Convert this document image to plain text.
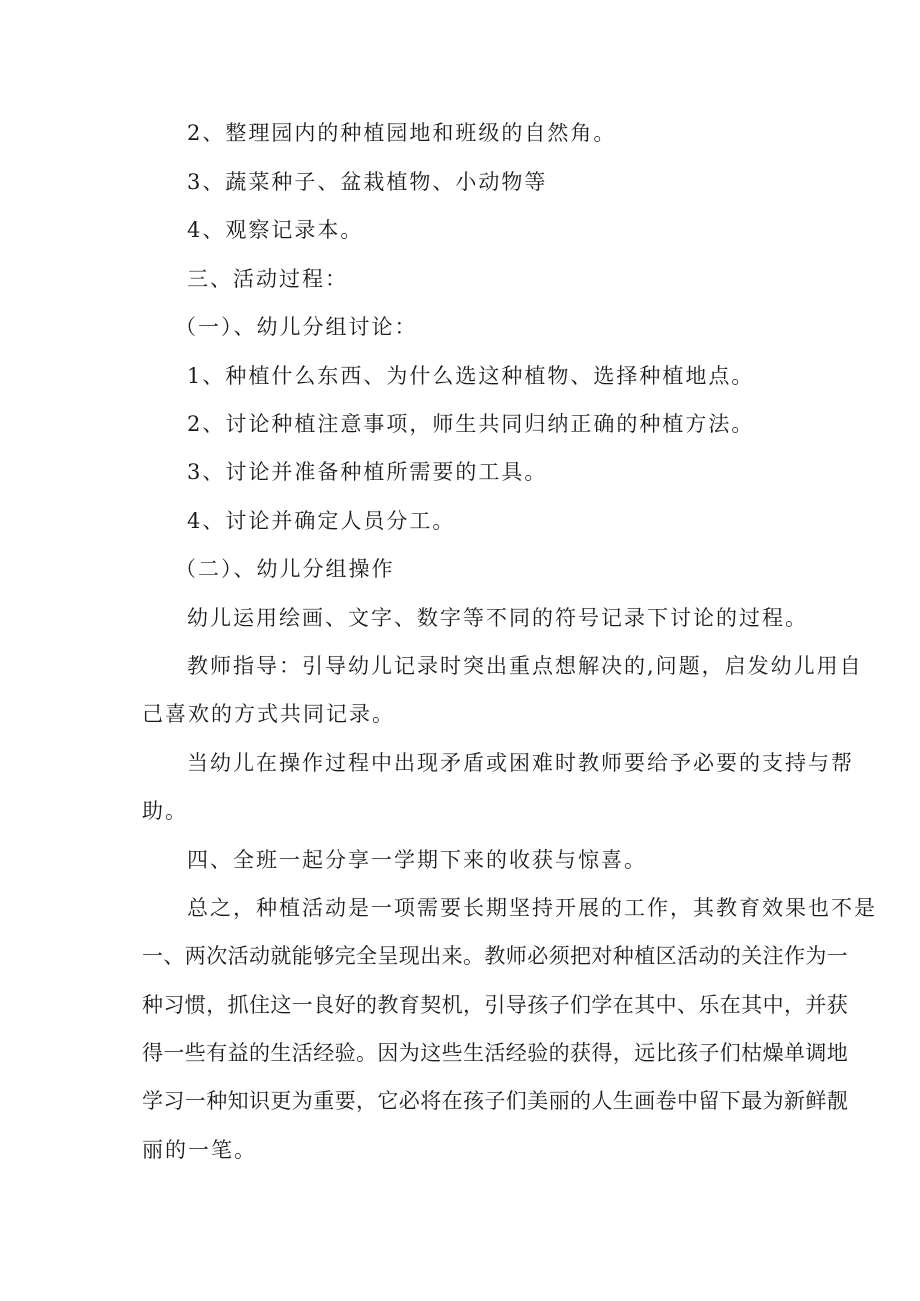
2、整理园内的种植园地和班级的自然角。
3、蔬菜种子、盆栽植物、小动物等
4、观察记录本。
三、活动过程：
（一）、幼儿分组讨论：
1、种植什么东西、为什么选这种植物、选择种植地点。
2、讨论种植注意事项，师生共同归纳正确的种植方法。
3、讨论并准备种植所需要的工具。
4、讨论并确定人员分工。
（二）、幼儿分组操作
幼儿运用绘画、文字、数字等不同的符号记录下讨论的过程。
教师指导：引导幼儿记录时突出重点想解决的,问题，启发幼儿用自
己喜欢的方式共同记录。
当幼儿在操作过程中出现矛盾或困难时教师要给予必要的支持与帮
助。
四、全班一起分享一学期下来的收获与惊喜。
总之，种植活动是一项需要长期坚持开展的工作，其教育效果也不是
一、两次活动就能够完全呈现出来。教师必须把对种植区活动的关注作为一
种习惯，抓住这一良好的教育契机，引导孩子们学在其中、乐在其中，并获
得一些有益的生活经验。因为这些生活经验的获得，远比孩子们枯燥单调地
学习一种知识更为重要，它必将在孩子们美丽的人生画卷中留下最为新鲜靓
丽的一笔。
